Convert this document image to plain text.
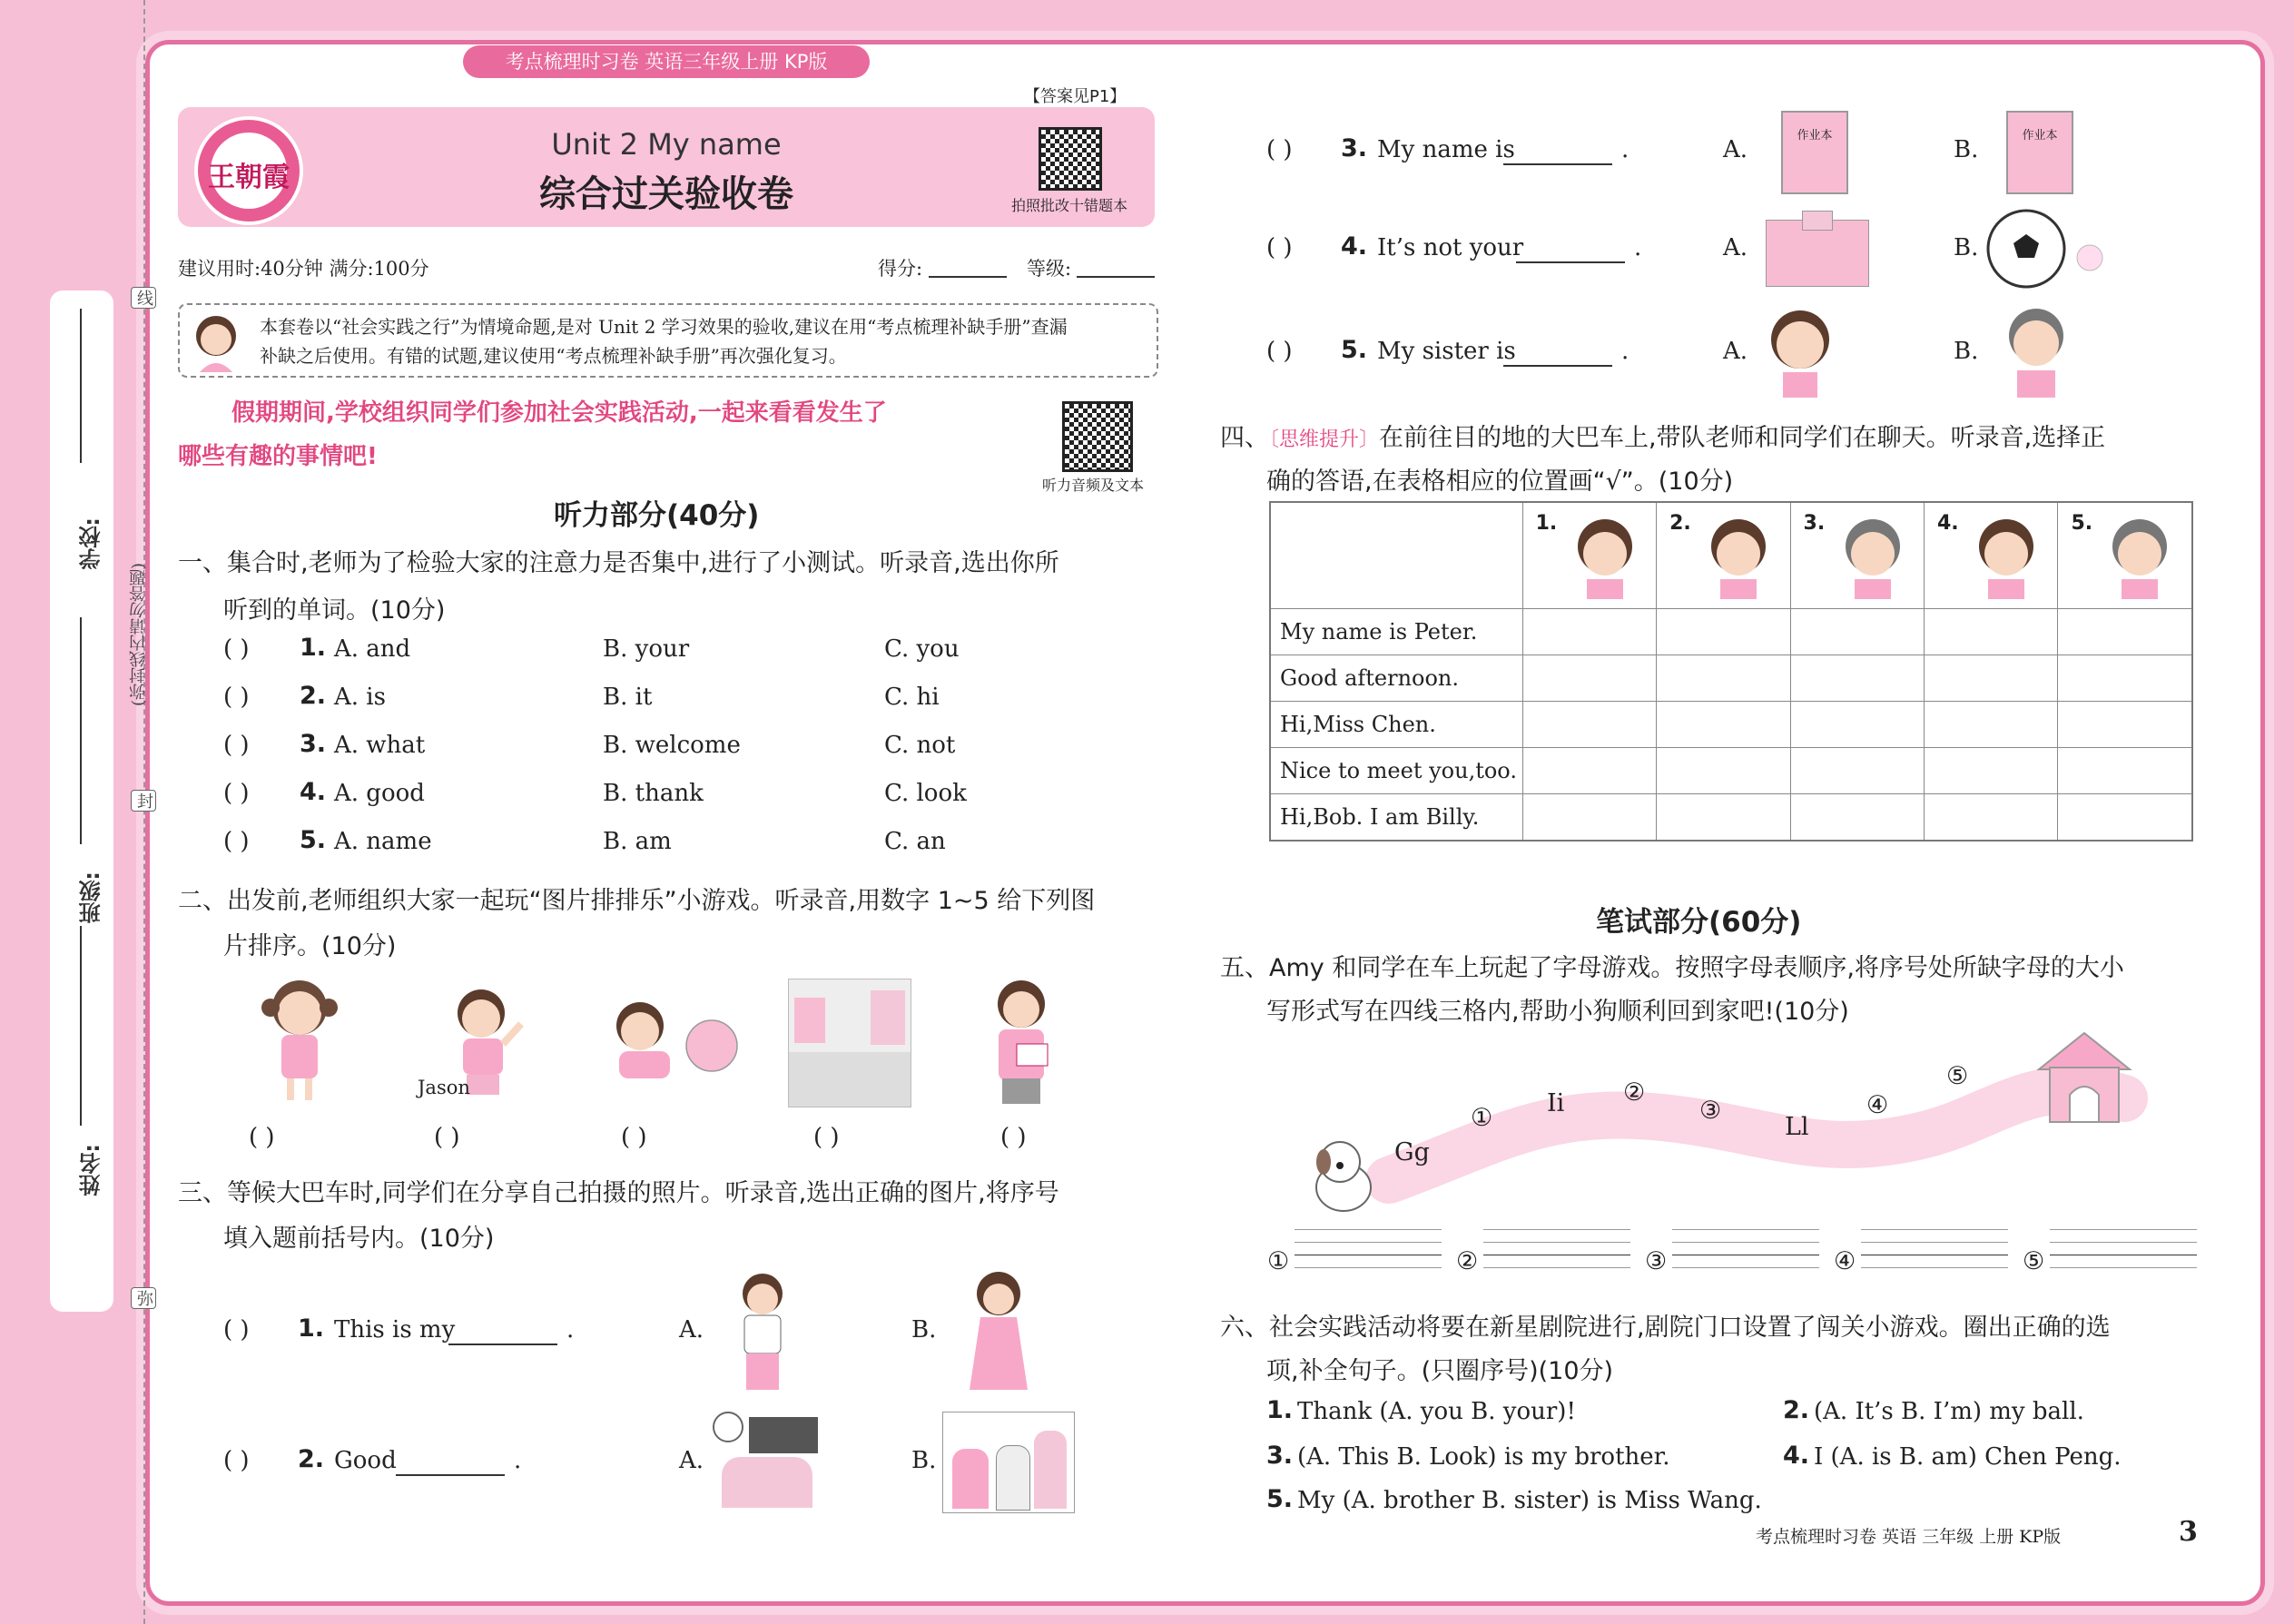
学校:
班级:
姓名:
(弥封线内请勿答题)
线
封
弥
考点梳理时习卷 英语三年级上册 KP版
【答案见P1】
王朝霞
Unit 2 My name
综合过关验收卷	拍照批改十错题本
建议用时:40分钟 满分:100分	得分:	等级:
本套卷以“社会实践之行”为情境命题,是对 Unit 2 学习效果的验收,建议在用“考点梳理补缺手册”查漏
补缺之后使用。有错的试题,建议使用“考点梳理补缺手册”再次强化复习。
假期期间,学校组织同学们参加社会实践活动,一起来看看发生了
哪些有趣的事情吧!
听力音频及文本
听力部分(40分)
一、集合时,老师为了检验大家的注意力是否集中,进行了小测试。听录音,选出你所
听到的单词。(10分)
二、出发前,老师组织大家一起玩“图片排排乐”小游戏。听录音,用数字 1~5 给下列图
片排序。(10分)
Jason
三、等候大巴车时,同学们在分享自己拍摄的照片。听录音,选出正确的图片,将序号
填入题前括号内。(10分)
作业本	作业本
四、〔思维提升〕在前往目的地的大巴车上,带队老师和同学们在聊天。听录音,选择正
确的答语,在表格相应的位置画“√”。(10分)

	1.	2.	3.	4.	5.

My name is Peter.					
Good afternoon.					
Hi,Miss Chen.					
Nice to meet you,too.					
Hi,Bob. I am Billy.					
笔试部分(60分)
五、Amy 和同学在车上玩起了字母游戏。按照字母表顺序,将序号处所缺字母的大小
写形式写在四线三格内,帮助小狗顺利回到家吧!(10分)
六、社会实践活动将要在新星剧院进行,剧院门口设置了闯关小游戏。圈出正确的选
项,补全句子。(只圈序号)(10分)
考点梳理时习卷 英语 三年级 上册 KP版	3
( ) 1. A. and	B. your	C. you
( ) 2. A. is	B. it	C. hi
( ) 3. A. what	B. welcome	C. not
( ) 4. A. good	B. thank	C. look
( ) 5. A. name	B. am	C. an
( )	( )	( )	( )	( )
( ) 1. This is my	.	A.	B.
( ) 2. Good	.	A.	B.
( ) 3. My name is	.	A.	B.
( ) 4. It’s not your	.	A.	B.
( ) 5. My sister is	.	A.	B.
Gg
①
Ii ②
③
Ll
④
⑤
①	②	③	④	⑤
1. Thank (A. you B. your)!	2. (A. It’s B. I’m) my ball.
3. (A. This B. Look) is my brother.	4. I (A. is B. am) Chen Peng.
5. My (A. brother B. sister) is Miss Wang.
